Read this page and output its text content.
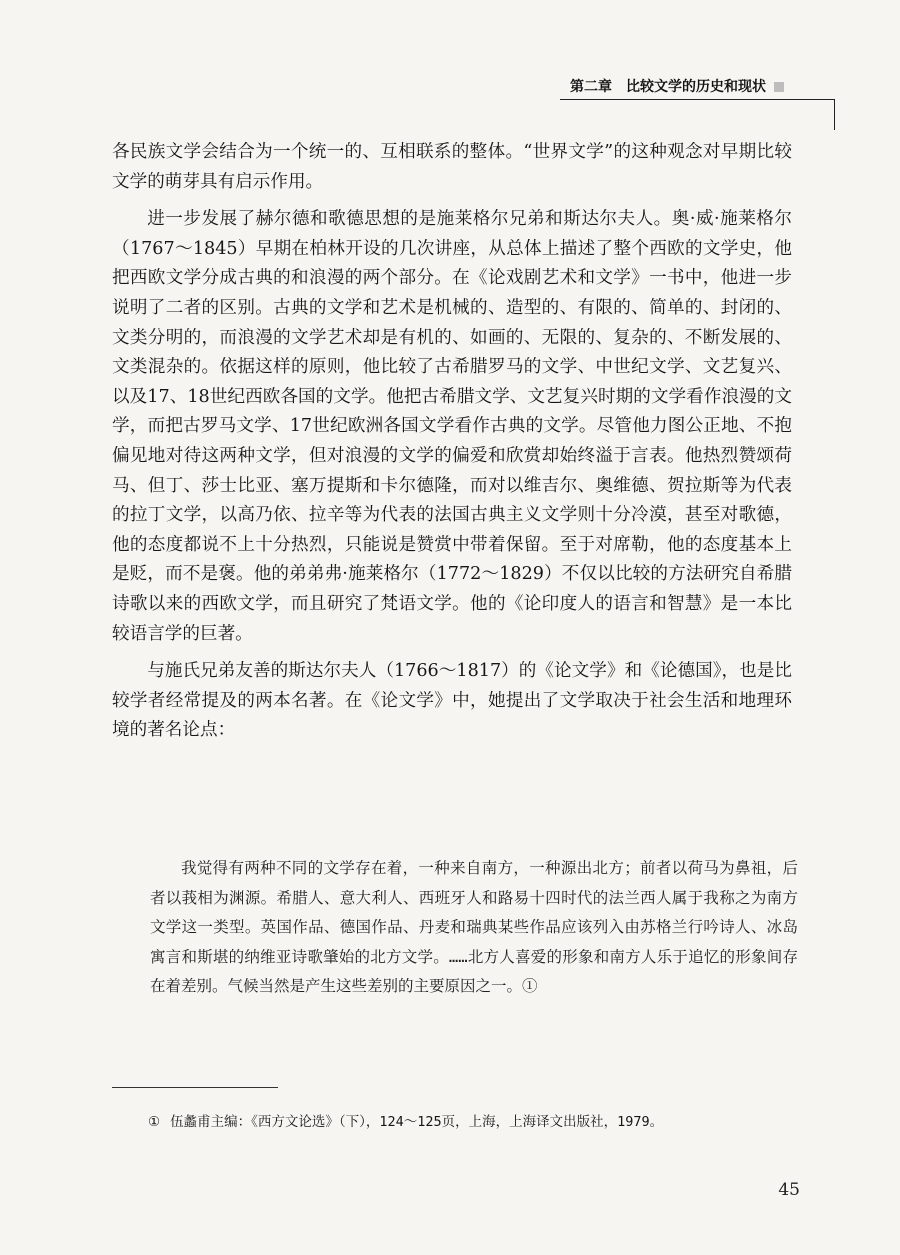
第二章 比较文学的历史和现状

各民族文学会结合为一个统一的、互相联系的整体。“世界文学”的这种观念对早期比较文学的萌芽具有启示作用。

进一步发展了赫尔德和歌德思想的是施莱格尔兄弟和斯达尔夫人。奥·威·施莱格尔（1767～1845）早期在柏林开设的几次讲座，从总体上描述了整个西欧的文学史，他把西欧文学分成古典的和浪漫的两个部分。在《论戏剧艺术和文学》一书中，他进一步说明了二者的区别。古典的文学和艺术是机械的、造型的、有限的、简单的、封闭的、文类分明的，而浪漫的文学艺术却是有机的、如画的、无限的、复杂的、不断发展的、文类混杂的。依据这样的原则，他比较了古希腊罗马的文学、中世纪文学、文艺复兴、以及17、18世纪西欧各国的文学。他把古希腊文学、文艺复兴时期的文学看作浪漫的文学，而把古罗马文学、17世纪欧洲各国文学看作古典的文学。尽管他力图公正地、不抱偏见地对待这两种文学，但对浪漫的文学的偏爱和欣赏却始终溢于言表。他热烈赞颂荷马、但丁、莎士比亚、塞万提斯和卡尔德隆，而对以维吉尔、奥维德、贺拉斯等为代表的拉丁文学，以高乃依、拉辛等为代表的法国古典主义文学则十分冷漠，甚至对歌德，他的态度都说不上十分热烈，只能说是赞赏中带着保留。至于对席勒，他的态度基本上是贬，而不是褒。他的弟弟弗·施莱格尔（1772～1829）不仅以比较的方法研究自希腊诗歌以来的西欧文学，而且研究了梵语文学。他的《论印度人的语言和智慧》是一本比较语言学的巨著。

与施氏兄弟友善的斯达尔夫人（1766～1817）的《论文学》和《论德国》，也是比较学者经常提及的两本名著。在《论文学》中，她提出了文学取决于社会生活和地理环境的著名论点：

我觉得有两种不同的文学存在着，一种来自南方，一种源出北方；前者以荷马为鼻祖，后者以莪相为渊源。希腊人、意大利人、西班牙人和路易十四时代的法兰西人属于我称之为南方文学这一类型。英国作品、德国作品、丹麦和瑞典某些作品应该列入由苏格兰行吟诗人、冰岛寓言和斯堪的纳维亚诗歌肇始的北方文学。……北方人喜爱的形象和南方人乐于追忆的形象间存在着差别。气候当然是产生这些差别的主要原因之一。①
① 伍蠡甫主编：《西方文论选》（下），124～125页，上海，上海译文出版社，1979。
45
